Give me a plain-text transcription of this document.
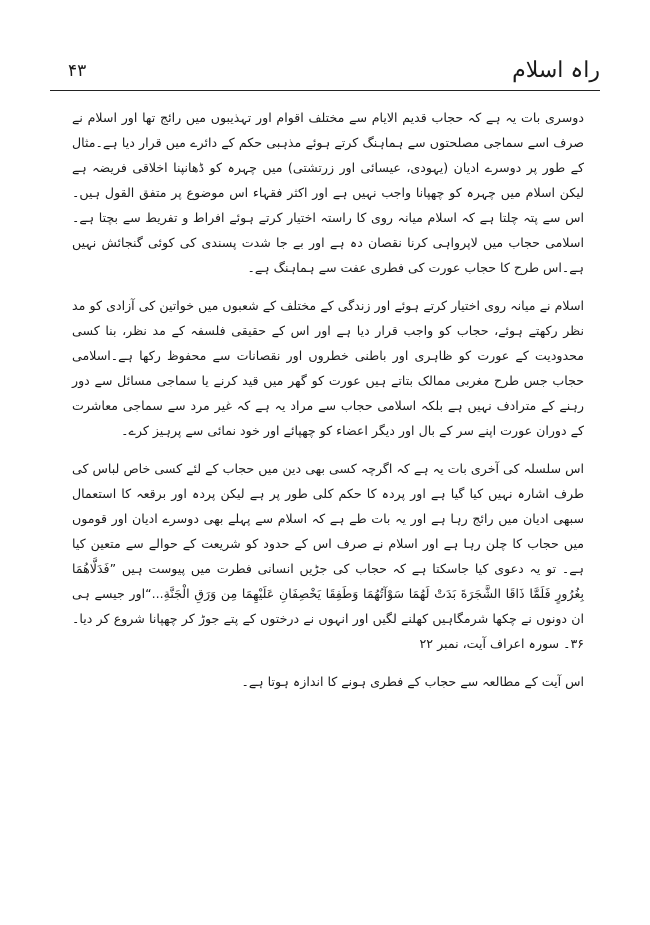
راہ اسلام
۴۳

دوسری بات یہ ہے کہ حجاب قدیم الایام سے مختلف اقوام اور تہذیبوں میں رائج تھا اور اسلام نے صرف اسے سماجی مصلحتوں سے ہماہنگ کرتے ہوئے مذہبی حکم کے دائرے میں قرار دیا ہے۔مثال کے طور پر دوسرے ادیان (یہودی، عیسائی اور زرتشتی) میں چہرہ کو ڈھانپنا اخلاقی فریضہ ہے لیکن اسلام میں چہرہ کو چھپانا واجب نہیں ہے اور اکثر فقہاء اس موضوع پر متفق القول ہیں۔اس سے پتہ چلتا ہے کہ اسلام میانہ روی کا راستہ اختیار کرتے ہوئے افراط و تفریط سے بچتا ہے۔اسلامی حجاب میں لاپرواہی کرنا نقصان دہ ہے اور بے جا شدت پسندی کی کوئی گنجائش نہیں ہے۔اس طرح کا حجاب عورت کی فطری عفت سے ہماہنگ ہے۔

اسلام نے میانہ روی اختیار کرتے ہوئے اور زندگی کے مختلف کے شعبوں میں خواتین کی آزادی کو مد نظر رکھتے ہوئے، حجاب کو واجب قرار دیا ہے اور اس کے حقیقی فلسفہ کے مد نظر، بنا کسی محدودیت کے عورت کو ظاہری اور باطنی خطروں اور نقصانات سے محفوظ رکھا ہے۔اسلامی حجاب جس طرح مغربی ممالک بتاتے ہیں عورت کو گھر میں قید کرنے یا سماجی مسائل سے دور رہنے کے مترادف نہیں ہے بلکہ اسلامی حجاب سے مراد یہ ہے کہ غیر مرد سے سماجی معاشرت کے دوران عورت اپنے سر کے بال اور دیگر اعضاء کو چھپائے اور خود نمائی سے پرہیز کرے۔

اس سلسلہ کی آخری بات یہ ہے کہ اگرچہ کسی بھی دین میں حجاب کے لئے کسی خاص لباس کی طرف اشارہ نہیں کیا گیا ہے اور پردہ کا حکم کلی طور پر ہے لیکن پردہ اور برقعہ کا استعمال سبھی ادیان میں رائج رہا ہے اور یہ بات طے ہے کہ اسلام سے پہلے بھی دوسرے ادیان اور قوموں میں حجاب کا چلن رہا ہے اور اسلام نے صرف اس کے حدود کو شریعت کے حوالے سے متعین کیا ہے۔ تو یہ دعوی کیا جاسکتا ہے کہ حجاب کی جڑیں انسانی فطرت میں پیوست ہیں ”فَدَلَّاهُمَا بِغُرُورٍ فَلَمَّا ذَاقَا الشَّجَرَةَ بَدَتْ لَهُمَا سَوْآتُهُمَا وَطَفِقَا يَخْصِفَانِ عَلَيْهِمَا مِن وَرَقِ الْجَنَّةِ...“اور جیسے ہی ان دونوں نے چکھا شرمگاہیں کھلنے لگیں اور انہوں نے درختوں کے پتے جوڑ کر چھپانا شروع کر دیا۔۳۶۔ سورہ اعراف آیت، نمبر ۲۲

اس آیت کے مطالعہ سے حجاب کے فطری ہونے کا اندازہ ہوتا ہے۔
